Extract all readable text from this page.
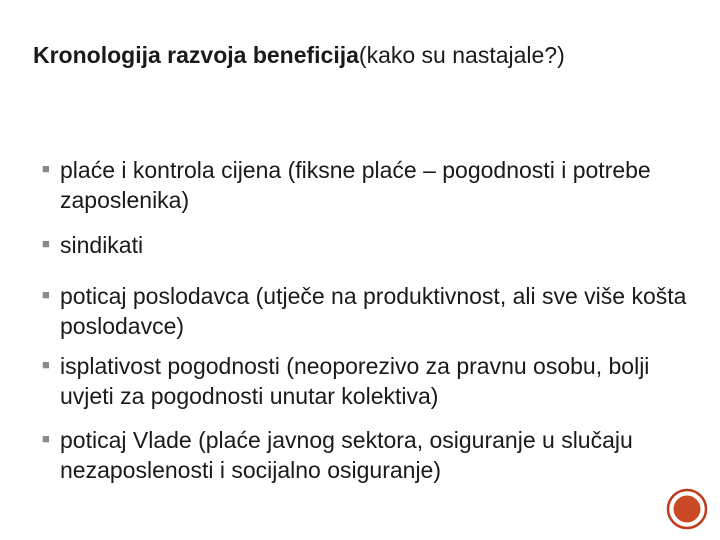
Kronologija razvoja beneficija(kako su nastajale?)
■ plaće i kontrola cijena (fiksne plaće – pogodnosti i potrebe zaposlenika)
■ sindikati
■ poticaj poslodavca (utječe na produktivnost, ali sve više košta poslodavce)
■ isplativost pogodnosti (neoporezivo za pravnu osobu, bolji uvjeti za pogodnosti unutar kolektiva)
■ poticaj Vlade (plaće javnog sektora, osiguranje u slučaju nezaposlenosti i socijalno osiguranje)
